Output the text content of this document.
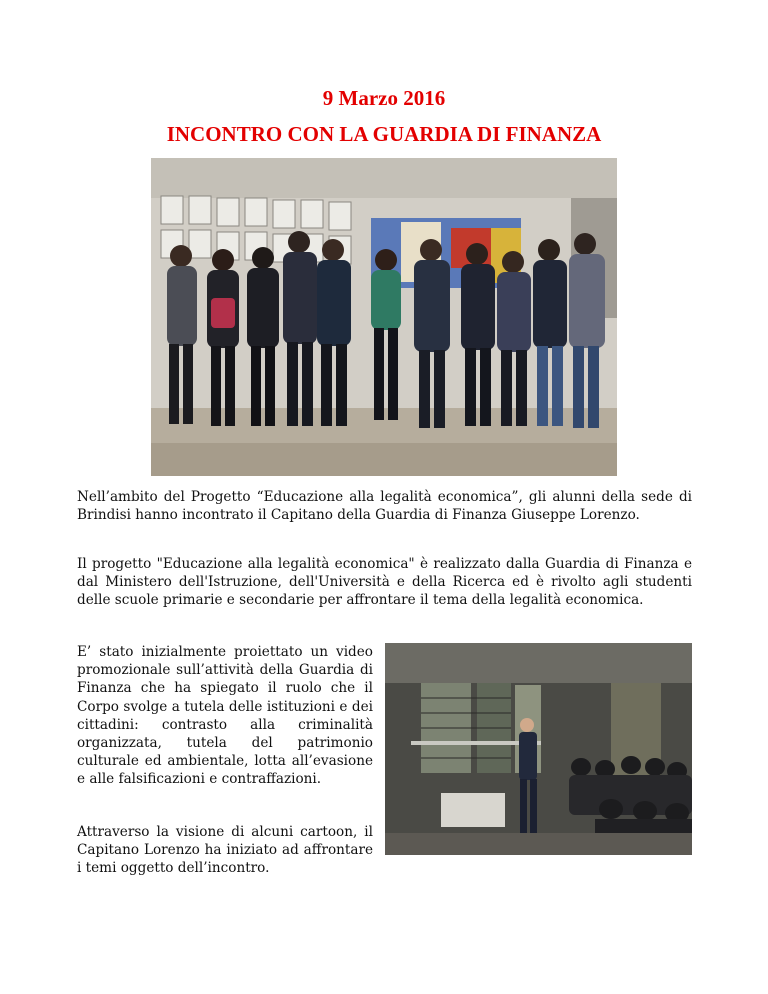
9 Marzo 2016
INCONTRO CON LA GUARDIA DI FINANZA

Nell’ambito del Progetto “Educazione alla legalità economica”, gli alunni della sede di Brindisi hanno incontrato il Capitano della Guardia di Finanza Giuseppe Lorenzo.

Il progetto "Educazione alla legalità economica" è realizzato dalla Guardia di Finanza e dal Ministero dell'Istruzione, dell'Università e della Ricerca ed è rivolto agli studenti delle scuole primarie e secondarie per affrontare il tema della legalità economica.

E’ stato inizialmente proiettato un video promozionale sull’attività della Guardia di Finanza che ha spiegato il ruolo che il Corpo svolge a tutela delle istituzioni e dei cittadini: contrasto alla criminalità organizzata, tutela del patrimonio culturale ed ambientale, lotta all’evasione e alle falsificazioni e contraffazioni.

Attraverso la visione di alcuni cartoon, il Capitano Lorenzo ha iniziato ad affrontare i temi oggetto dell’incontro.
